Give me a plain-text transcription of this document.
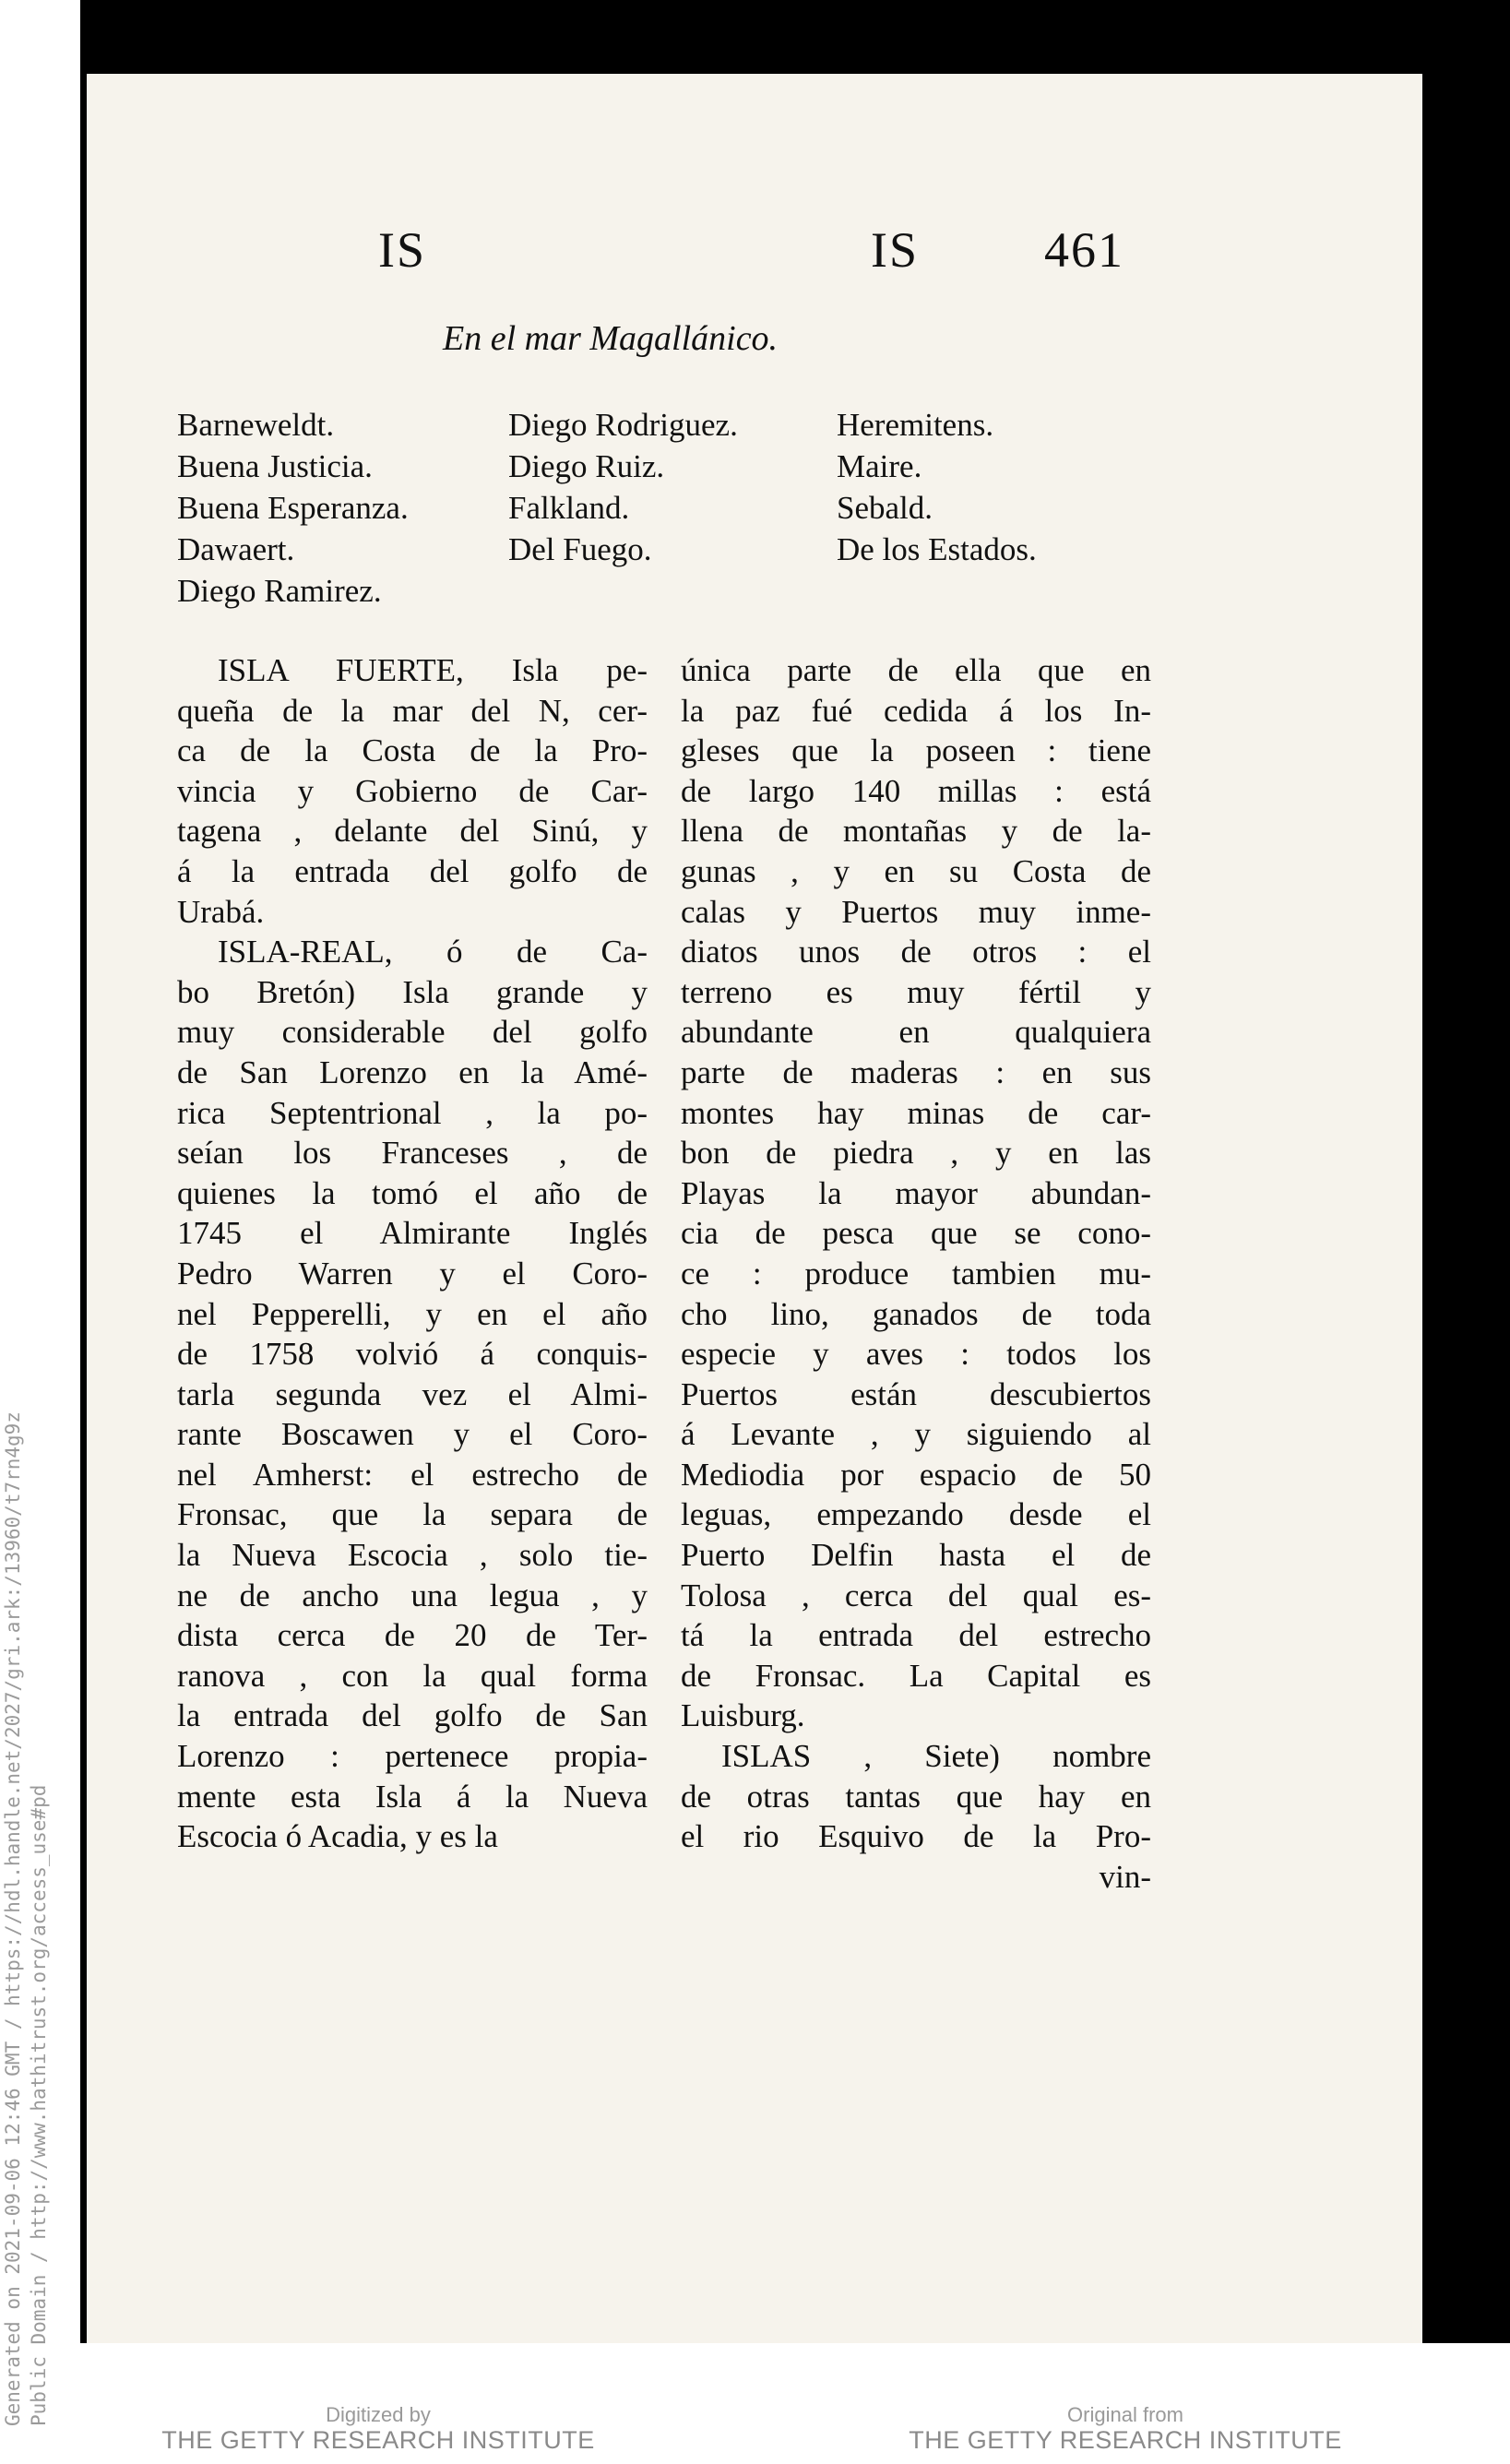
Generated on 2021-09-06 12:46 GMT / https://hdl.handle.net/2027/gri.ark:/13960/t7rn4g9z Public Domain / http://www.hathitrust.org/access_use#pd
IS	IS	461
En el mar Magallánico.
Barneweldt.
Buena Justicia.
Buena Esperanza.
Dawaert.
Diego Ramirez.
Diego Rodriguez.
Diego Ruiz.
Falkland.
Del Fuego.
Heremitens.
Maire.
Sebald.
De los Estados.
ISLA FUERTE, Isla pe-
queña de la mar del N, cer-
ca de la Costa de la Pro-
vincia y Gobierno de Car-
tagena , delante del Sinú, y
á la entrada del golfo de
Urabá.
ISLA-REAL, ó de Ca-
bo Bretón) Isla grande y
muy considerable del golfo
de San Lorenzo en la Amé-
rica Septentrional , la po-
seían los Franceses , de
quienes la tomó el año de
1745 el Almirante Inglés
Pedro Warren y el Coro-
nel Pepperelli, y en el año
de 1758 volvió á conquis-
tarla segunda vez el Almi-
rante Boscawen y el Coro-
nel Amherst: el estrecho de
Fronsac, que la separa de
la Nueva Escocia , solo tie-
ne de ancho una legua , y
dista cerca de 20 de Ter-
ranova , con la qual forma
la entrada del golfo de San
Lorenzo : pertenece propia-
mente esta Isla á la Nueva
Escocia ó Acadia, y es la
única parte de ella que en
la paz fué cedida á los In-
gleses que la poseen : tiene
de largo 140 millas : está
llena de montañas y de la-
gunas , y en su Costa de
calas y Puertos muy inme-
diatos unos de otros : el
terreno es muy fértil y
abundante en qualquiera
parte de maderas : en sus
montes hay minas de car-
bon de piedra , y en las
Playas la mayor abundan-
cia de pesca que se cono-
ce : produce tambien mu-
cho lino, ganados de toda
especie y aves : todos los
Puertos están descubiertos
á Levante , y siguiendo al
Mediodia por espacio de 50
leguas, empezando desde el
Puerto Delfin hasta el de
Tolosa , cerca del qual es-
tá la entrada del estrecho
de Fronsac. La Capital es
Luisburg.
ISLAS , Siete) nombre
de otras tantas que hay en
el rio Esquivo de la Pro-
vin-
Digitized by
THE GETTY RESEARCH INSTITUTE
Original from
THE GETTY RESEARCH INSTITUTE
